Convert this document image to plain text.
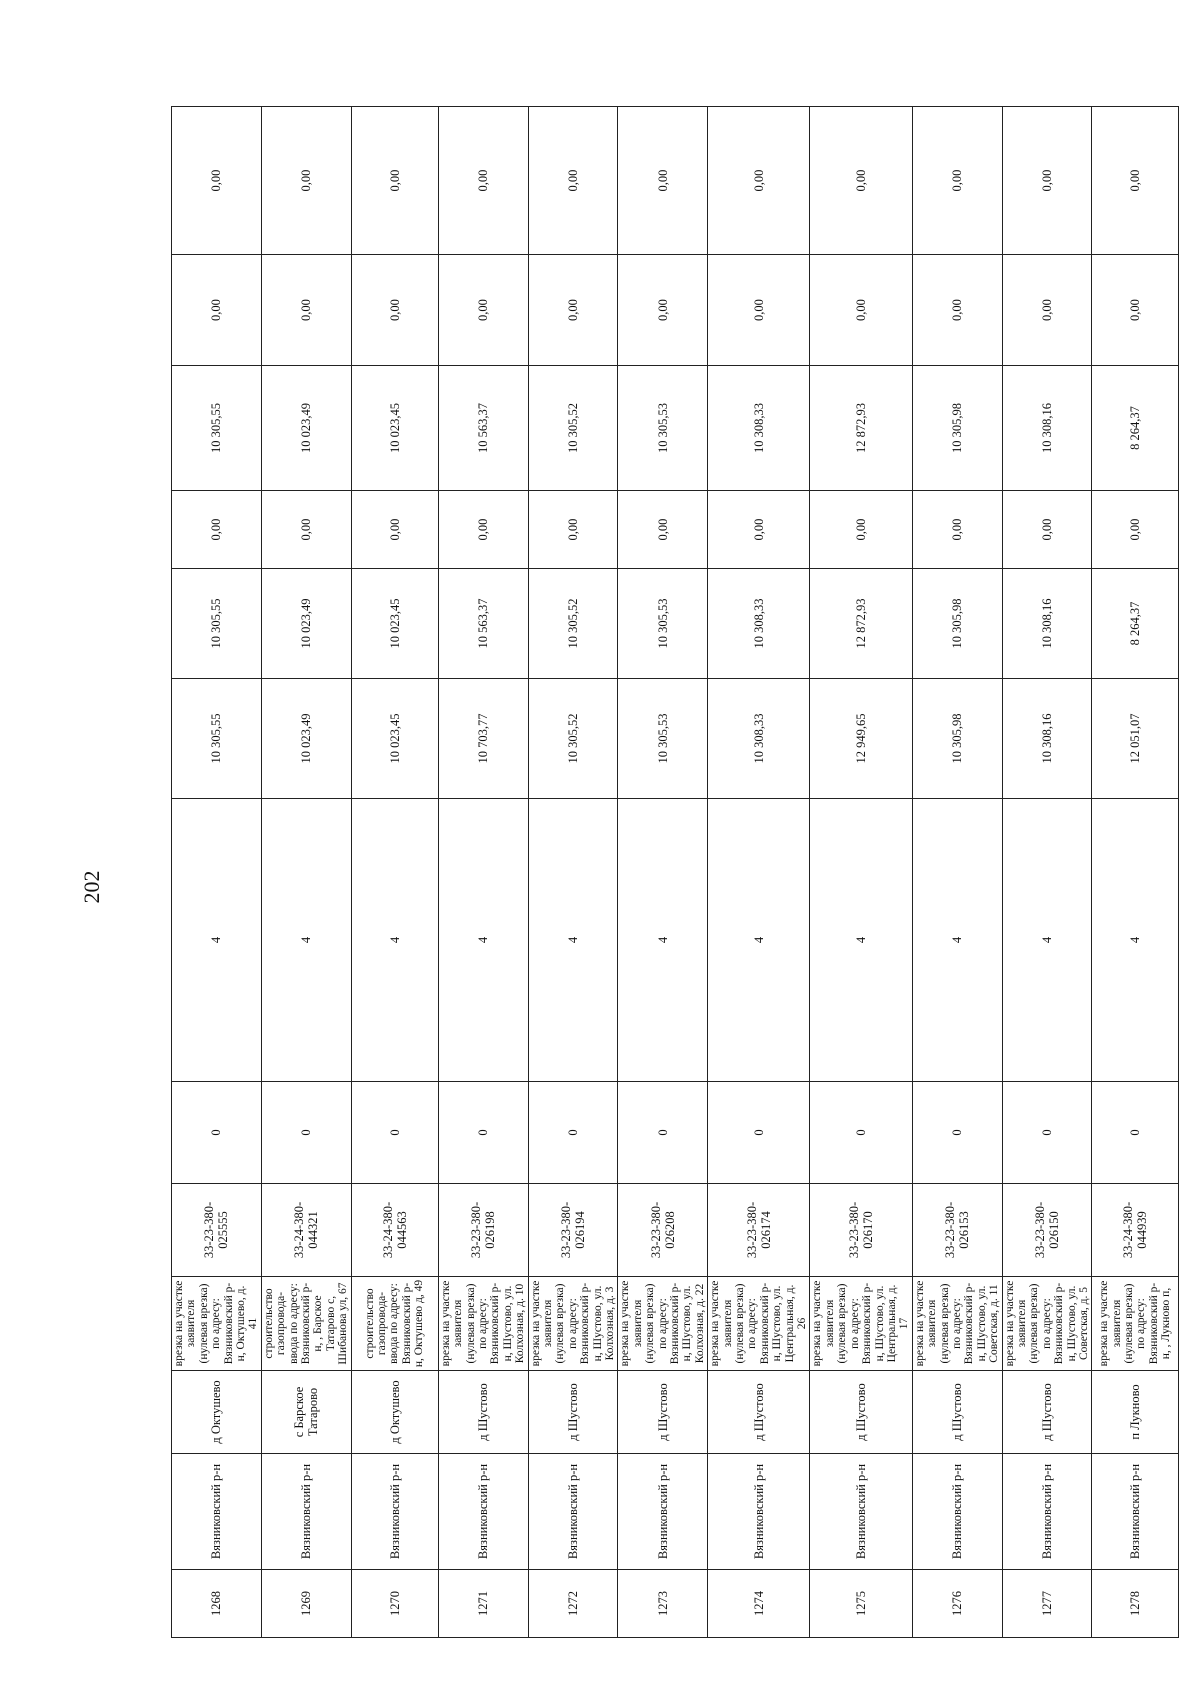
202
1268	Вязниковский р-н	д Октушево	врезка на участке заявителя (нулевая врезка) по адресу: Вязниковский р-н, Октушево, д. 41	33-23-380-025555	0	4	10 305,55	10 305,55	0,00	10 305,55	0,00	0,00
1269	Вязниковский р-н	с Барское Татарово	строительство газопровода-ввода по адресу: Вязниковский р-н, , Барское Татарово с, Шибанова ул, 67	33-24-380-044321	0	4	10 023,49	10 023,49	0,00	10 023,49	0,00	0,00
1270	Вязниковский р-н	д Октушево	строительство газопровода-ввода по адресу: Вязниковский р-н, Октушево д, 49	33-24-380-044563	0	4	10 023,45	10 023,45	0,00	10 023,45	0,00	0,00
1271	Вязниковский р-н	д Шустово	врезка на участке заявителя (нулевая врезка) по адресу: Вязниковский р-н, Шустово, ул. Колхозная, д. 10	33-23-380-026198	0	4	10 703,77	10 563,37	0,00	10 563,37	0,00	0,00
1272	Вязниковский р-н	д Шустово	врезка на участке заявителя (нулевая врезка) по адресу: Вязниковский р-н, Шустово, ул. Колхозная, д. 3	33-23-380-026194	0	4	10 305,52	10 305,52	0,00	10 305,52	0,00	0,00
1273	Вязниковский р-н	д Шустово	врезка на участке заявителя (нулевая врезка) по адресу: Вязниковский р-н, Шустово, ул. Колхозная, д. 22	33-23-380-026208	0	4	10 305,53	10 305,53	0,00	10 305,53	0,00	0,00
1274	Вязниковский р-н	д Шустово	врезка на участке заявителя (нулевая врезка) по адресу: Вязниковский р-н, Шустово, ул. Центральная, д. 26	33-23-380-026174	0	4	10 308,33	10 308,33	0,00	10 308,33	0,00	0,00
1275	Вязниковский р-н	д Шустово	врезка на участке заявителя (нулевая врезка) по адресу: Вязниковский р-н, Шустово, ул. Центральная, д. 17	33-23-380-026170	0	4	12 949,65	12 872,93	0,00	12 872,93	0,00	0,00
1276	Вязниковский р-н	д Шустово	врезка на участке заявителя (нулевая врезка) по адресу: Вязниковский р-н, Шустово, ул. Советская, д. 11	33-23-380-026153	0	4	10 305,98	10 305,98	0,00	10 305,98	0,00	0,00
1277	Вязниковский р-н	д Шустово	врезка на участке заявителя (нулевая врезка) по адресу: Вязниковский р-н, Шустово, ул. Советская, д. 5	33-23-380-026150	0	4	10 308,16	10 308,16	0,00	10 308,16	0,00	0,00
1278	Вязниковский р-н	п Лукново	врезка на участке заявителя (нулевая врезка) по адресу: Вязниковский р-н, , Лукново п,	33-24-380-044939	0	4	12 051,07	8 264,37	0,00	8 264,37	0,00	0,00
